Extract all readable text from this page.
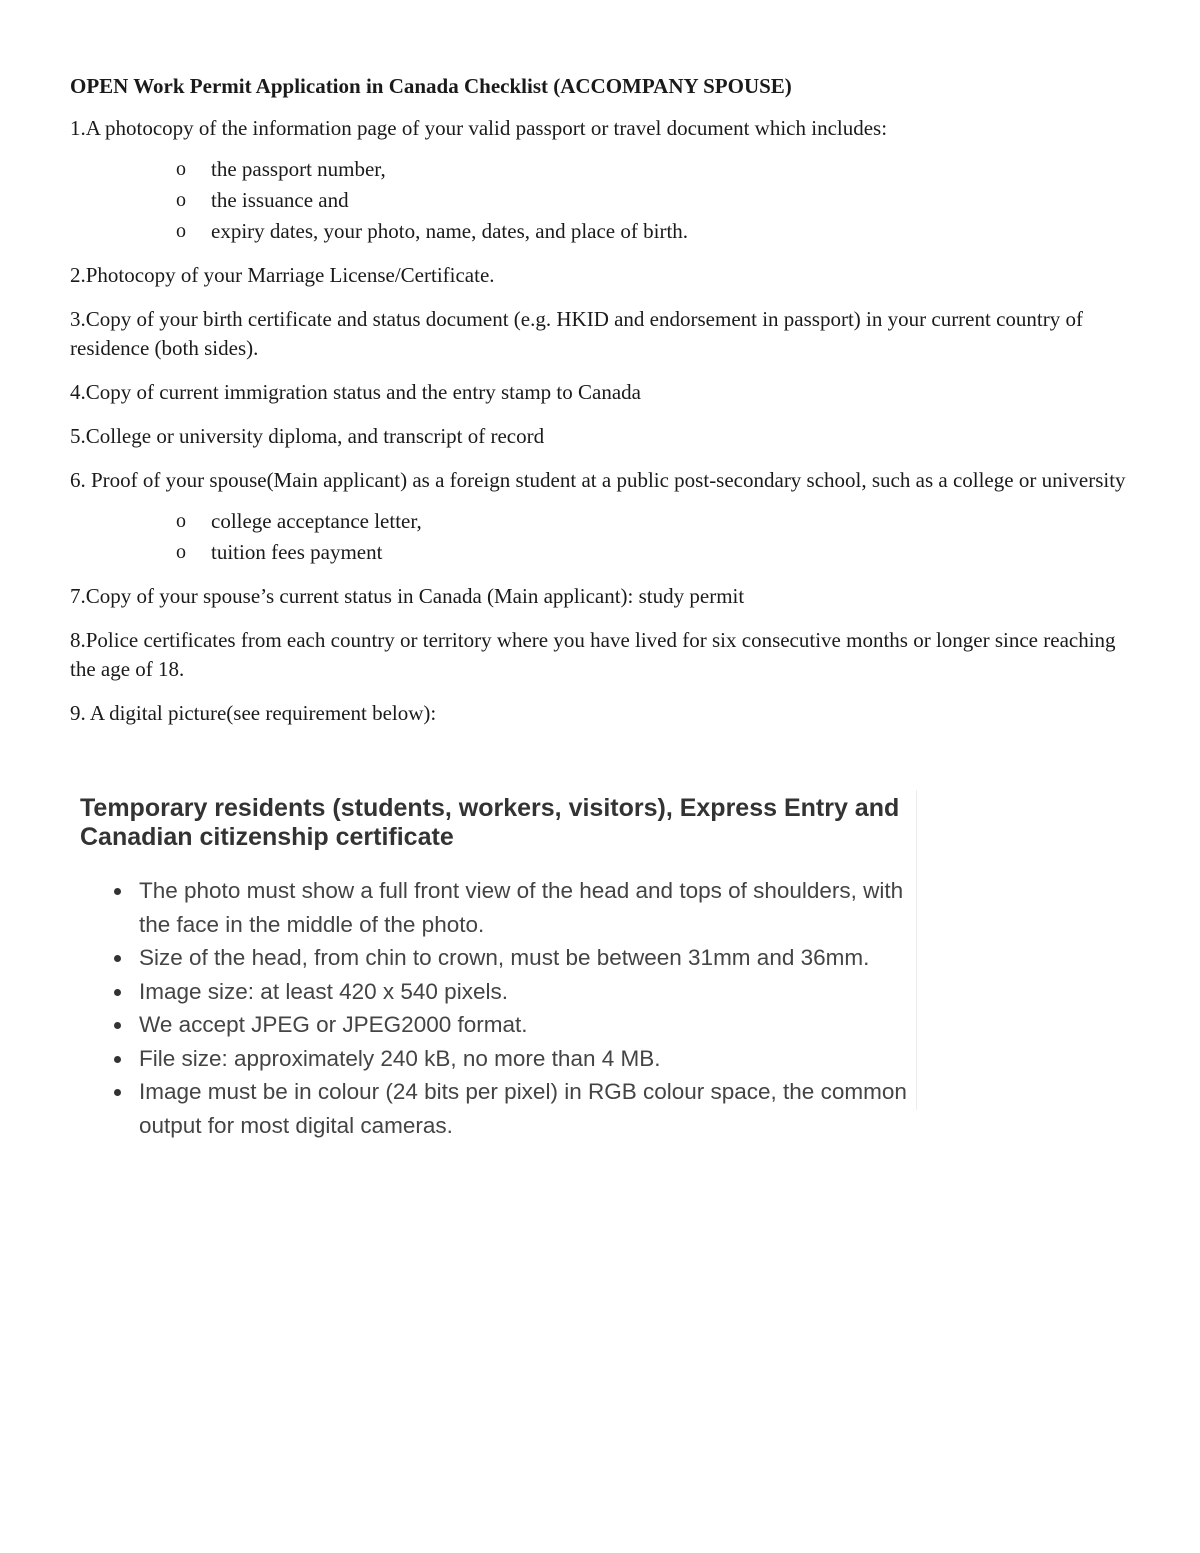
OPEN Work Permit Application in Canada Checklist (ACCOMPANY SPOUSE)
1.A photocopy of the information page of your valid passport or travel document which includes:
o the passport number,
o the issuance and
o expiry dates, your photo, name, dates, and place of birth.
2.Photocopy of your Marriage License/Certificate.
3.Copy of your birth certificate and status document (e.g. HKID and endorsement in passport) in your current country of residence (both sides).
4.Copy of current immigration status and the entry stamp to Canada
5.College or university diploma, and transcript of record
6. Proof of your spouse(Main applicant) as a foreign student at a public post-secondary school, such as a college or university
o college acceptance letter,
o tuition fees payment
7.Copy of your spouse’s current status in Canada (Main applicant): study permit
8.Police certificates from each country or territory where you have lived for six consecutive months or longer since reaching the age of 18.
9. A digital picture(see requirement below):
Temporary residents (students, workers, visitors), Express Entry and Canadian citizenship certificate
The photo must show a full front view of the head and tops of shoulders, with the face in the middle of the photo.
Size of the head, from chin to crown, must be between 31mm and 36mm.
Image size: at least 420 x 540 pixels.
We accept JPEG or JPEG2000 format.
File size: approximately 240 kB, no more than 4 MB.
Image must be in colour (24 bits per pixel) in RGB colour space, the common output for most digital cameras.
